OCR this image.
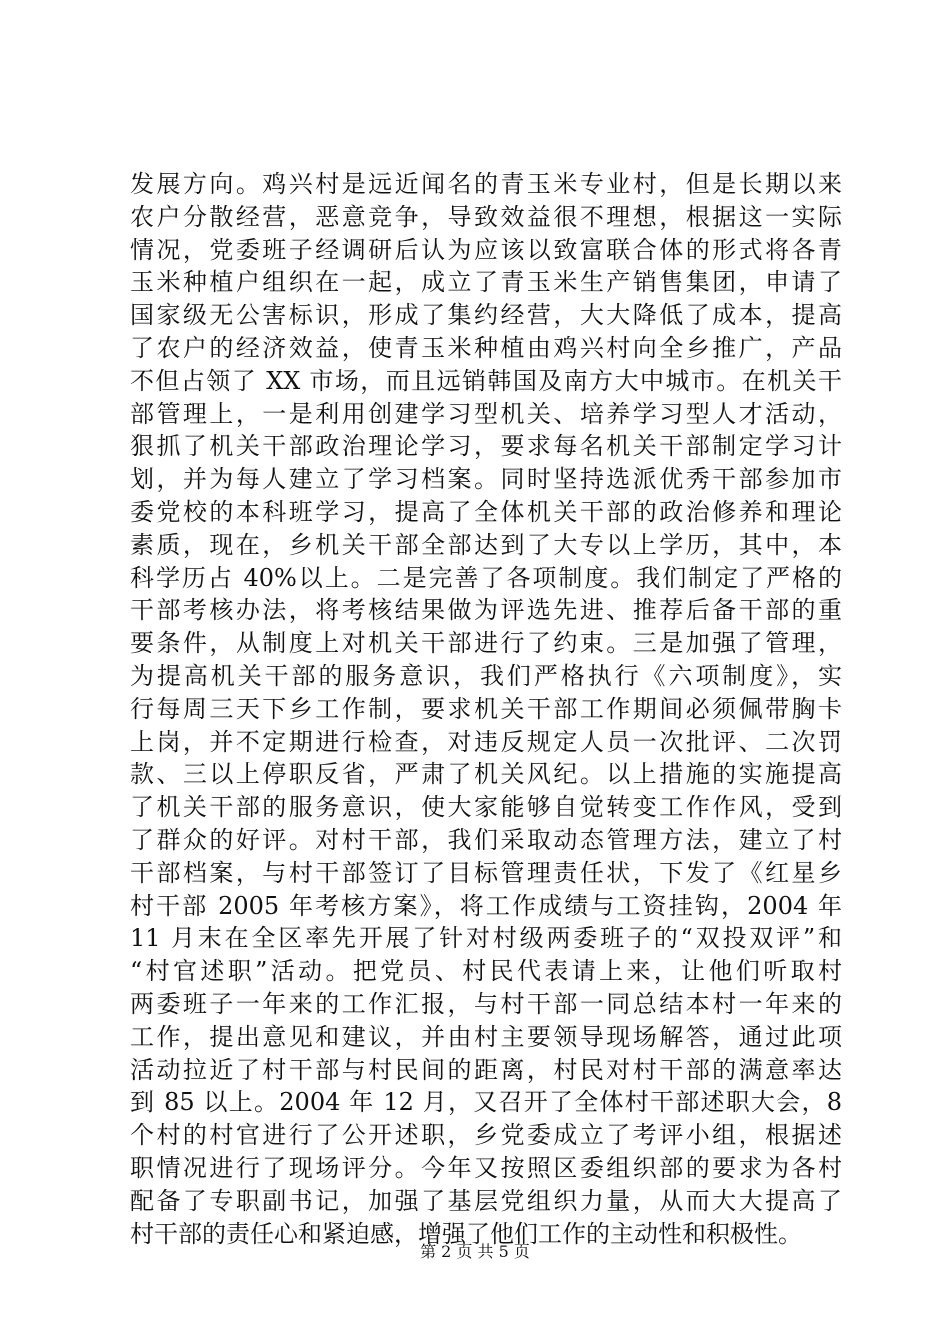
发展方向。鸡兴村是远近闻名的青玉米专业村，但是长期以来
农户分散经营，恶意竞争，导致效益很不理想，根据这一实际
情况，党委班子经调研后认为应该以致富联合体的形式将各青
玉米种植户组织在一起，成立了青玉米生产销售集团，申请了
国家级无公害标识，形成了集约经营，大大降低了成本，提高
了农户的经济效益，使青玉米种植由鸡兴村向全乡推广，产品
不但占领了 XX 市场，而且远销韩国及南方大中城市。在机关干
部管理上，一是利用创建学习型机关、培养学习型人才活动，
狠抓了机关干部政治理论学习，要求每名机关干部制定学习计
划，并为每人建立了学习档案。同时坚持选派优秀干部参加市
委党校的本科班学习，提高了全体机关干部的政治修养和理论
素质，现在，乡机关干部全部达到了大专以上学历，其中，本
科学历占 40%以上。二是完善了各项制度。我们制定了严格的
干部考核办法，将考核结果做为评选先进、推荐后备干部的重
要条件，从制度上对机关干部进行了约束。三是加强了管理，
为提高机关干部的服务意识，我们严格执行《六项制度》，实
行每周三天下乡工作制，要求机关干部工作期间必须佩带胸卡
上岗，并不定期进行检查，对违反规定人员一次批评、二次罚
款、三以上停职反省，严肃了机关风纪。以上措施的实施提高
了机关干部的服务意识，使大家能够自觉转变工作作风，受到
了群众的好评。对村干部，我们采取动态管理方法，建立了村
干部档案，与村干部签订了目标管理责任状，下发了《红星乡
村干部 2005 年考核方案》，将工作成绩与工资挂钩，2004 年
11 月末在全区率先开展了针对村级两委班子的“双投双评”和
“村官述职”活动。把党员、村民代表请上来，让他们听取村
两委班子一年来的工作汇报，与村干部一同总结本村一年来的
工作，提出意见和建议，并由村主要领导现场解答，通过此项
活动拉近了村干部与村民间的距离，村民对村干部的满意率达
到 85 以上。2004 年 12 月，又召开了全体村干部述职大会，8
个村的村官进行了公开述职，乡党委成立了考评小组，根据述
职情况进行了现场评分。今年又按照区委组织部的要求为各村
配备了专职副书记，加强了基层党组织力量，从而大大提高了
村干部的责任心和紧迫感，增强了他们工作的主动性和积极性。
第 2 页 共 5 页
